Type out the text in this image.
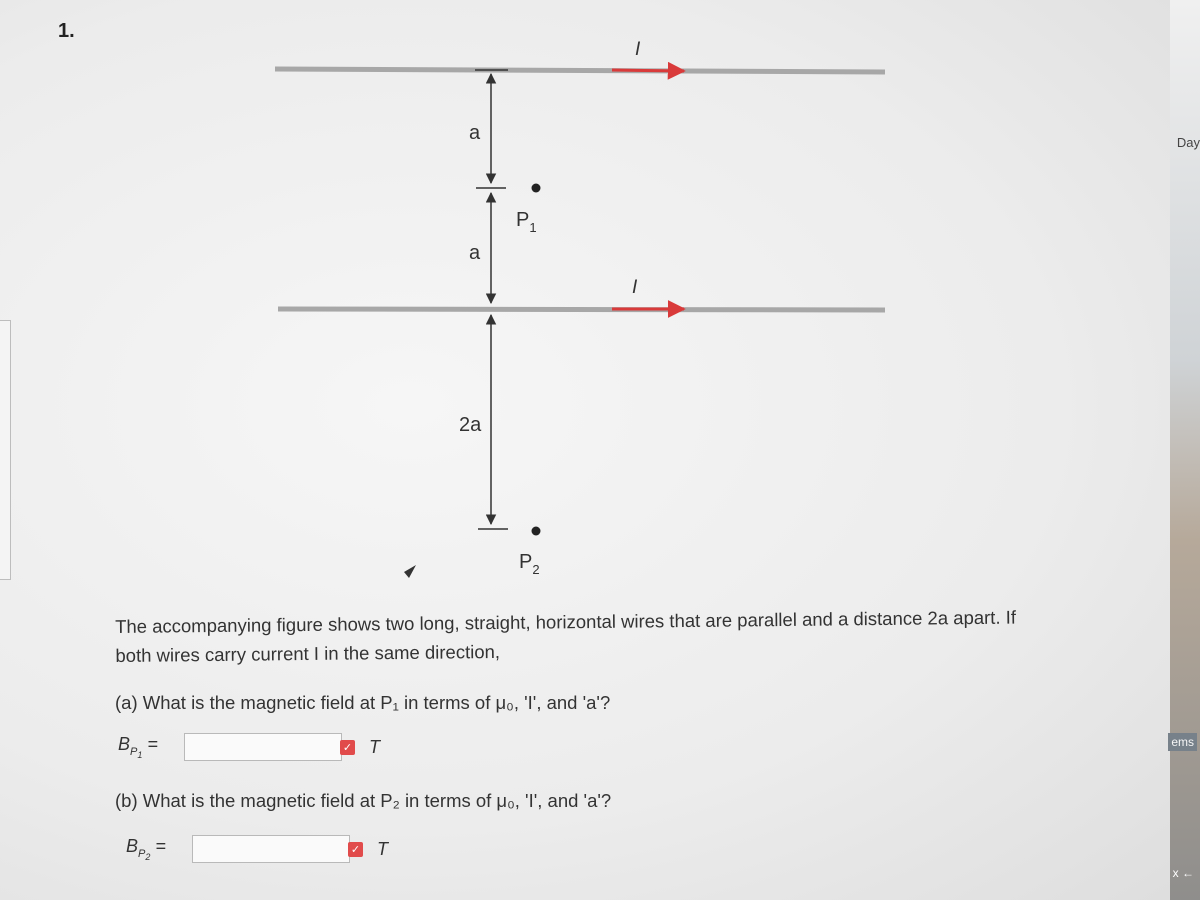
1.
I
I
a
a
2a
$P_1$
$P_2$
The accompanying figure shows two long, straight, horizontal wires that are parallel and a distance 2a apart. If both wires carry current I in the same direction,
(a) What is the magnetic field at P₁ in terms of μ₀, 'I', and 'a'?
$B_{P_1}$ =	✓ T
(b) What is the magnetic field at P₂ in terms of μ₀, 'I', and 'a'?
$B_{P_2}$ =	✓ T
Day
ems
x ←
